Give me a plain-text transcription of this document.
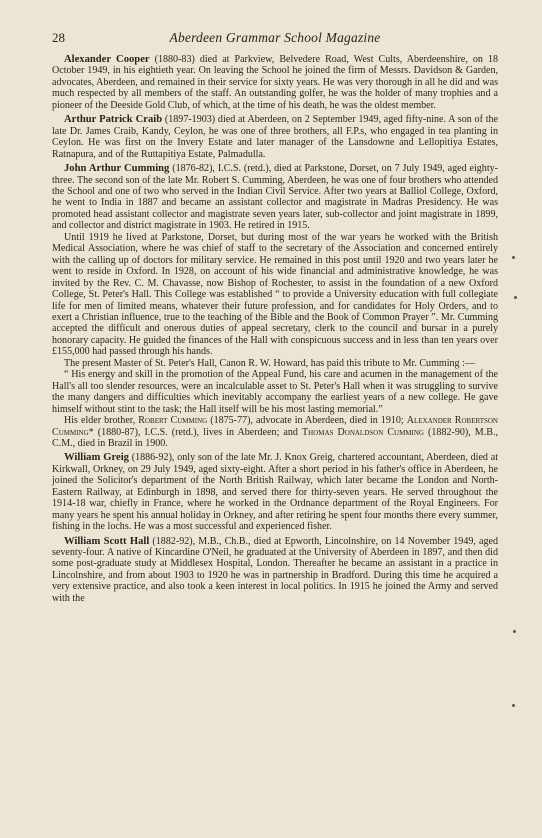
28	Aberdeen Grammar School Magazine

Alexander Cooper (1880-83) died at Parkview, Belvedere Road, West Cults, Aberdeenshire, on 18 October 1949, in his eightieth year. On leaving the School he joined the firm of Messrs. Davidson & Garden, advocates, Aberdeen, and remained in their service for sixty years. He was very thorough in all he did and was much respected by all members of the staff. An outstanding golfer, he was the holder of many trophies and a pioneer of the Deeside Gold Club, of which, at the time of his death, he was the oldest member.

Arthur Patrick Craib (1897-1903) died at Aberdeen, on 2 September 1949, aged fifty-nine. A son of the late Dr. James Craib, Kandy, Ceylon, he was one of three brothers, all F.P.s, who engaged in tea planting in Ceylon. He was first on the Invery Estate and later manager of the Lansdowne and Lellopitiya Estates, Ratnapura, and of the Ruttapitiya Estate, Palmadulla.

John Arthur Cumming (1876-82), I.C.S. (retd.), died at Parkstone, Dorset, on 7 July 1949, aged eighty-three. The second son of the late Mr. Robert S. Cumming, Aberdeen, he was one of four brothers who attended the School and one of two who served in the Indian Civil Service. After two years at Balliol College, Oxford, he went to India in 1887 and became an assistant collector and magistrate in Madras Presidency. He was promoted head assistant collector and magistrate seven years later, sub-collector and joint magistrate in 1899, and collector and district magistrate in 1903. He retired in 1915.

Until 1919 he lived at Parkstone, Dorset, but during most of the war years he worked with the British Medical Association, where he was chief of staff to the secretary of the Association and concerned entirely with the calling up of doctors for military service. He remained in this post until 1920 and two years later he went to reside in Oxford. In 1928, on account of his wide financial and administrative knowledge, he was invited by the Rev. C. M. Chavasse, now Bishop of Rochester, to assist in the foundation of a new Oxford College, St. Peter's Hall. This College was established “ to provide a University education with full collegiate life for men of limited means, whatever their future profession, and for candidates for Holy Orders, and to exert a Christian influence, true to the teaching of the Bible and the Book of Common Prayer ”. Mr. Cumming accepted the difficult and onerous duties of appeal secretary, clerk to the council and bursar in a purely honorary capacity. He guided the finances of the Hall with conspicuous success and in less than ten years over £155,000 had passed through his hands.

The present Master of St. Peter's Hall, Canon R. W. Howard, has paid this tribute to Mr. Cumming :—

“ His energy and skill in the promotion of the Appeal Fund, his care and acumen in the management of the Hall's all too slender resources, were an incalculable asset to St. Peter's Hall when it was struggling to survive the many dangers and difficulties which inevitably accompany the earliest years of a new college. He gave himself without stint to the task; the Hall itself will be his most lasting memorial.”

His elder brother, Robert Cumming (1875-77), advocate in Aberdeen, died in 1910; Alexander Robertson Cumming* (1880-87), I.C.S. (retd.), lives in Aberdeen; and Thomas Donaldson Cumming (1882-90), M.B., C.M., died in Brazil in 1900.

William Greig (1886-92), only son of the late Mr. J. Knox Greig, chartered accountant, Aberdeen, died at Kirkwall, Orkney, on 29 July 1949, aged sixty-eight. After a short period in his father's office in Aberdeen, he joined the Solicitor's department of the North British Railway, which later became the London and North-Eastern Railway, at Edinburgh in 1898, and served there for thirty-seven years. He served throughout the 1914-18 war, chiefly in France, where he worked in the Ordnance department of the Royal Engineers. For many years he spent his annual holiday in Orkney, and after retiring he spent four months there every summer, fishing in the lochs. He was a most successful and experienced fisher.

William Scott Hall (1882-92), M.B., Ch.B., died at Epworth, Lincolnshire, on 14 November 1949, aged seventy-four. A native of Kincardine O'Neil, he graduated at the University of Aberdeen in 1897, and then did some post-graduate study at Middlesex Hospital, London. Thereafter he became an assistant in a practice in Lincolnshire, and from about 1903 to 1920 he was in partnership in Bradford. During this time he acquired a very extensive practice, and also took a keen interest in local politics. In 1915 he joined the Army and served with the
